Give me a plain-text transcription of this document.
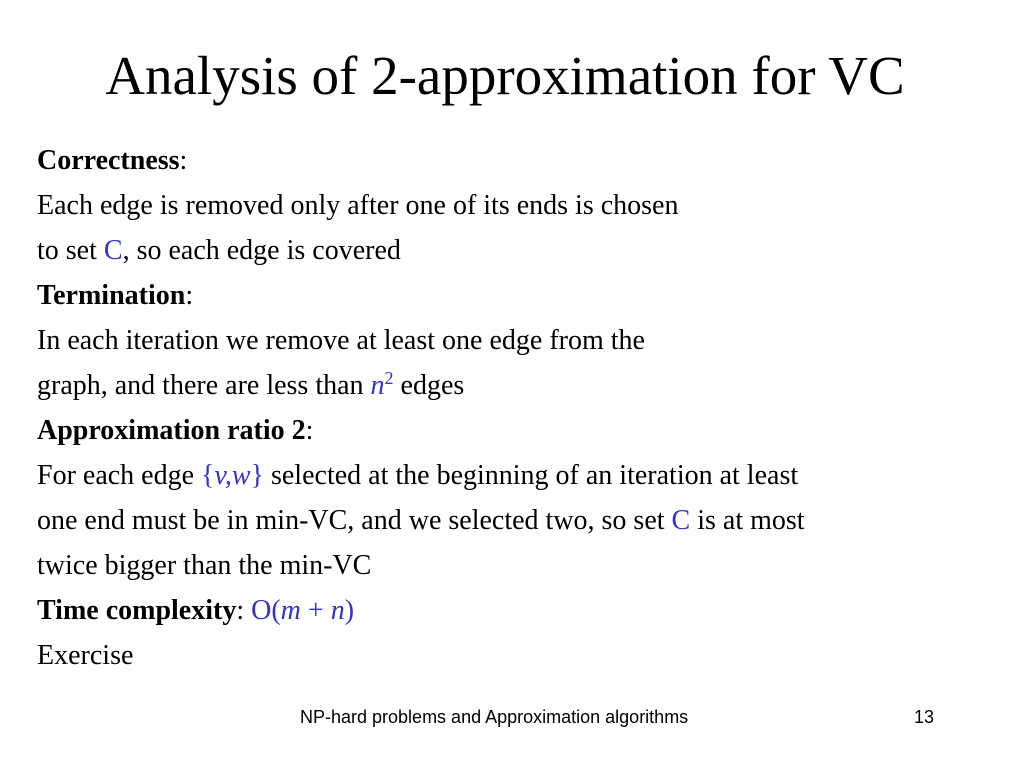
Analysis of 2-approximation for VC
Correctness:
Each edge is removed only after one of its ends is chosen
to set C, so each edge is covered
Termination:
In each iteration we remove at least one edge from the
graph, and there are less than $n^2$ edges
Approximation ratio 2:
For each edge {v,w} selected at the beginning of an iteration at least
one end must be in min-VC, and we selected two, so set C is at most
twice bigger than the min-VC
Time complexity: O(m + n)
Exercise
NP-hard problems and Approximation algorithms	13
